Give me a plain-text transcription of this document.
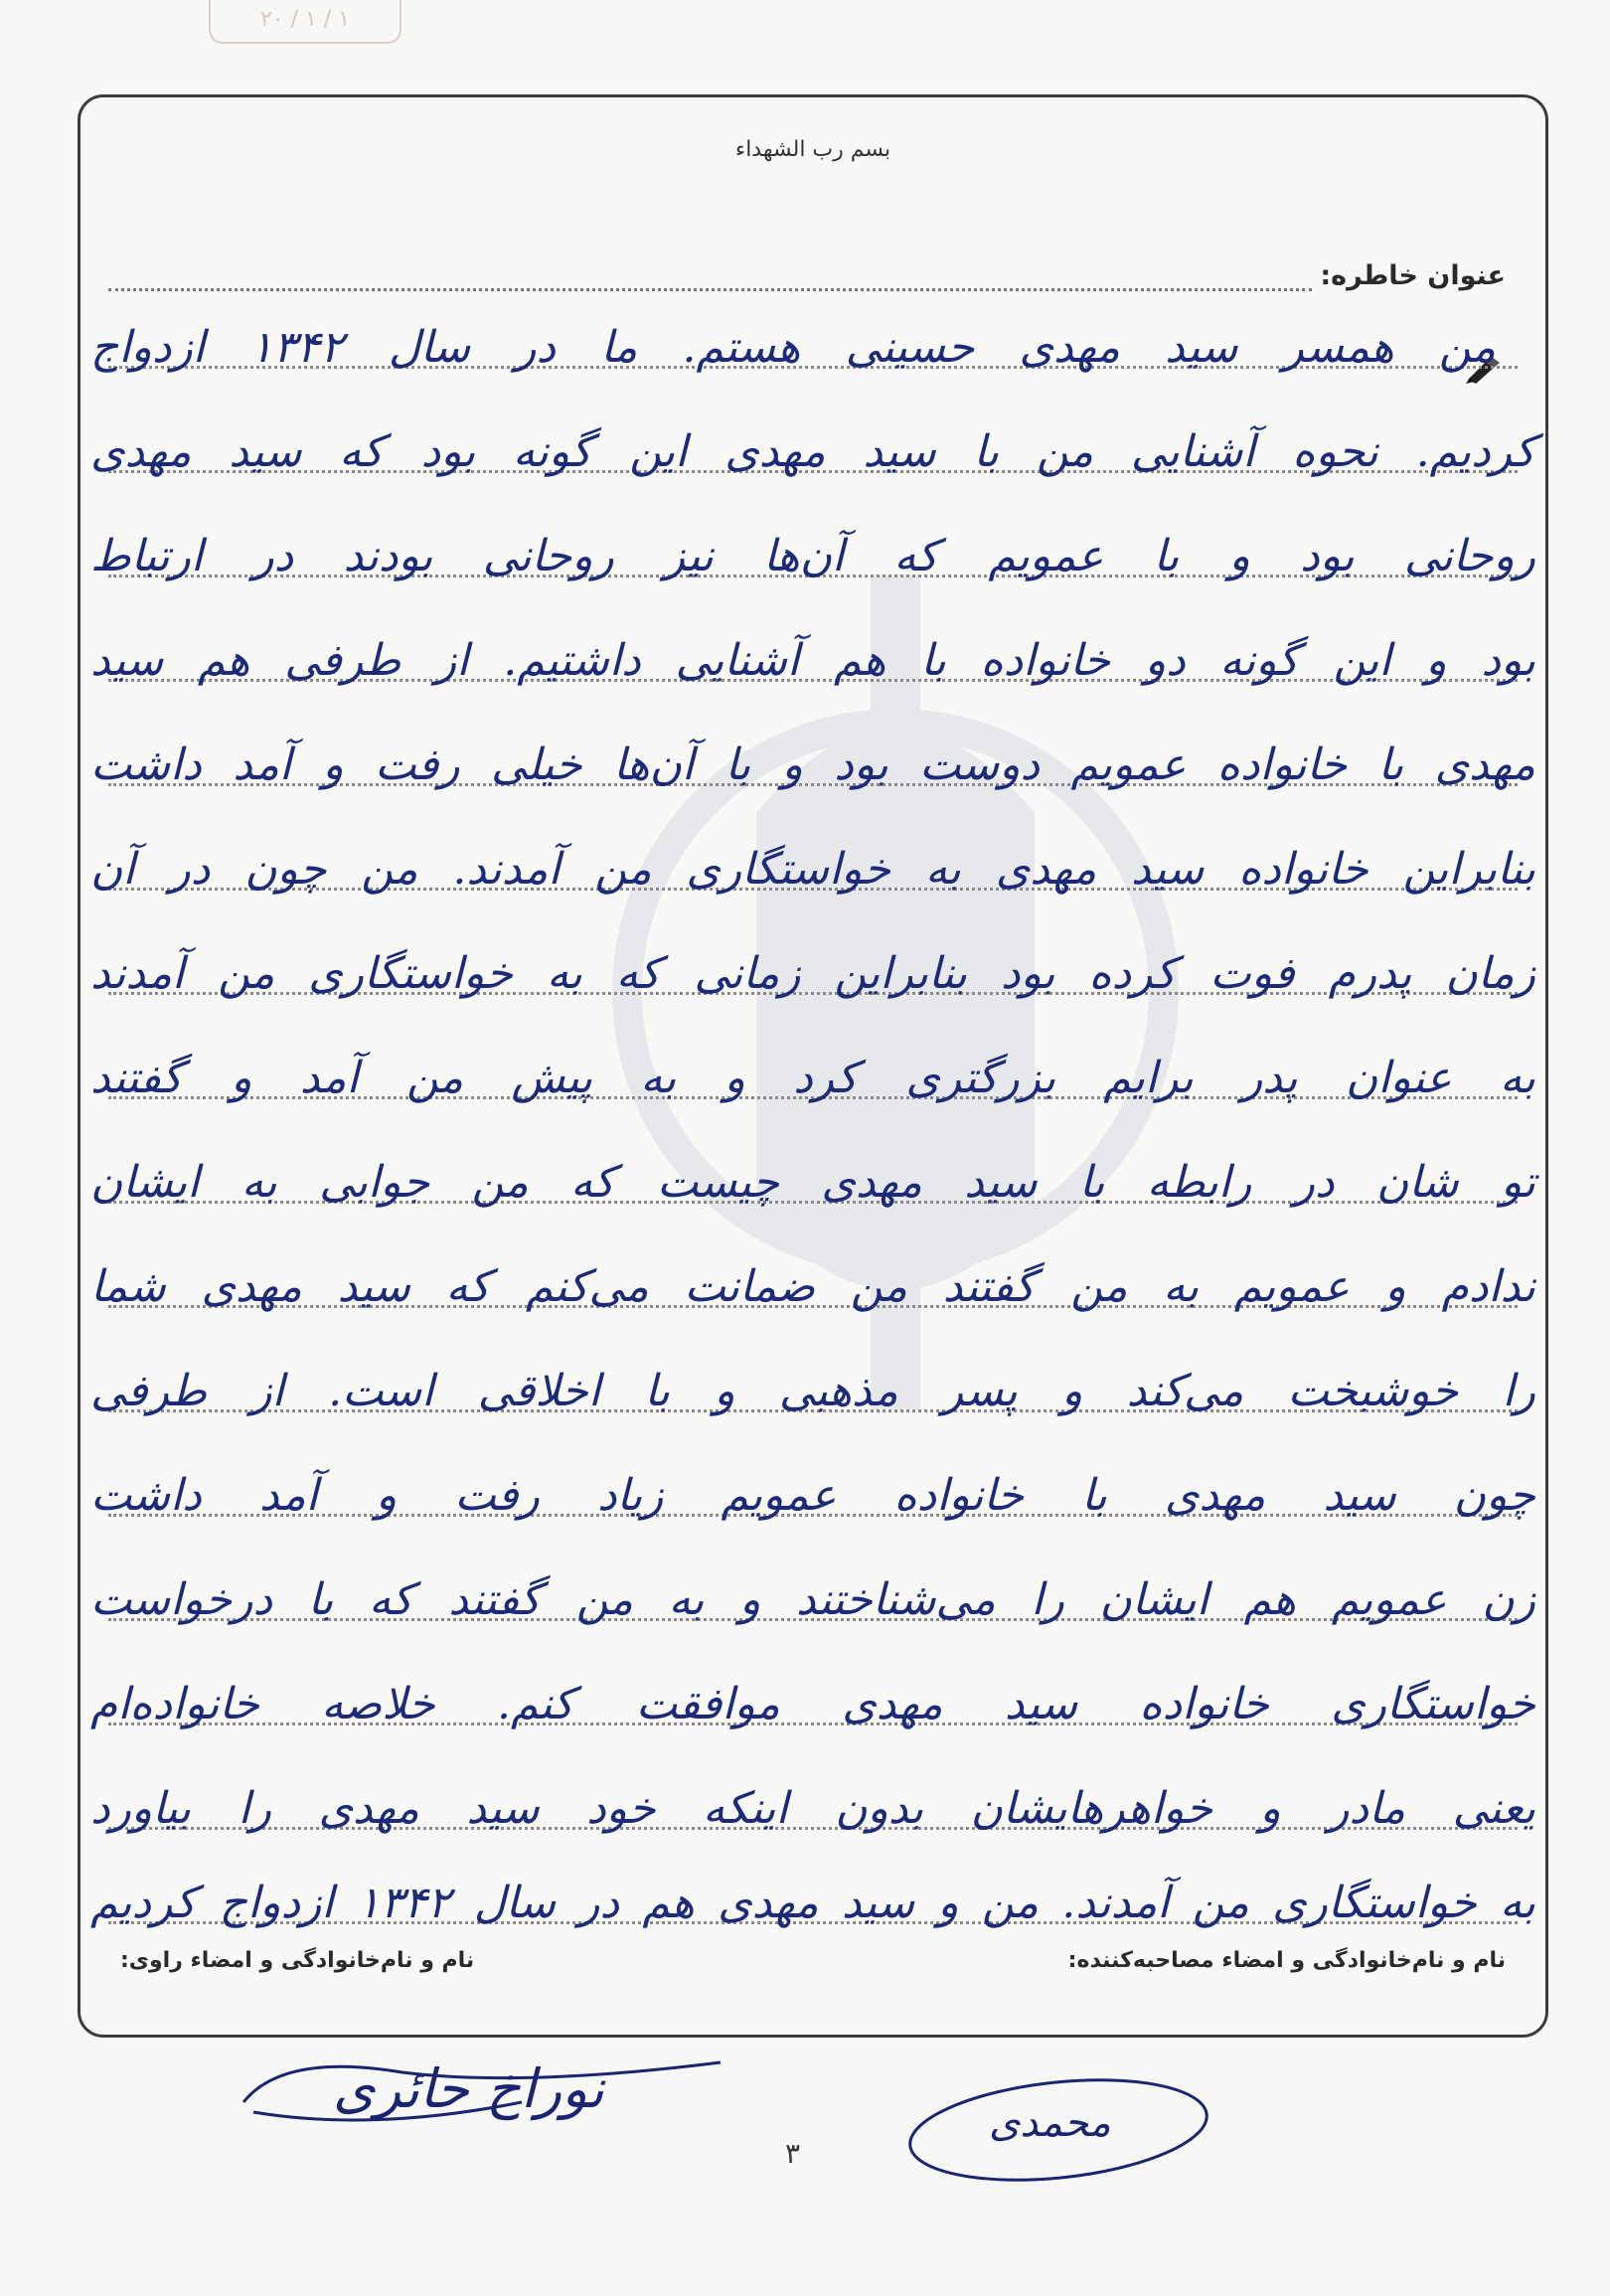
۲۰ / ۱ / ۱
بسم رب الشهداء
عنوان خاطره:
من همسر سید مهدی حسینی هستم. ما در سال ۱۳۴۲ ازدواج
کردیم. نحوه آشنایی من با سید مهدی این گونه بود که سید مهدی
روحانی بود و با عمویم که آن‌ها نیز روحانی بودند در ارتباط
بود و این گونه دو خانواده با هم آشنایی داشتیم. از طرفی هم سید
مهدی با خانواده عمویم دوست بود و با آن‌ها خیلی رفت و آمد داشت
بنابراین خانواده سید مهدی به خواستگاری من آمدند. من چون در آن
زمان پدرم فوت کرده بود بنابراین زمانی که به خواستگاری من آمدند
به عنوان پدر برایم بزرگتری کرد و به پیش من آمد و گفتند
تو شان در رابطه با سید مهدی چیست که من جوابی به ایشان
ندادم و عمویم به من گفتند من ضمانت می‌کنم که سید مهدی شما
را خوشبخت می‌کند و پسر مذهبی و با اخلاقی است. از طرفی
چون سید مهدی با خانواده عمویم زیاد رفت و آمد داشت
زن عمویم هم ایشان را می‌شناختند و به من گفتند که با درخواست
خواستگاری خانواده سید مهدی موافقت کنم. خلاصه خانواده‌ام
یعنی مادر و خواهرهایشان بدون اینکه خود سید مهدی را بیاورد
به خواستگاری من آمدند. من و سید مهدی هم در سال ۱۳۴۲ ازدواج کردیم
نام و نام‌خانوادگی و امضاء مصاحبه‌کننده:
نام و نام‌خانوادگی و امضاء راوی:
نوراخ حائری
محمدی
۳
